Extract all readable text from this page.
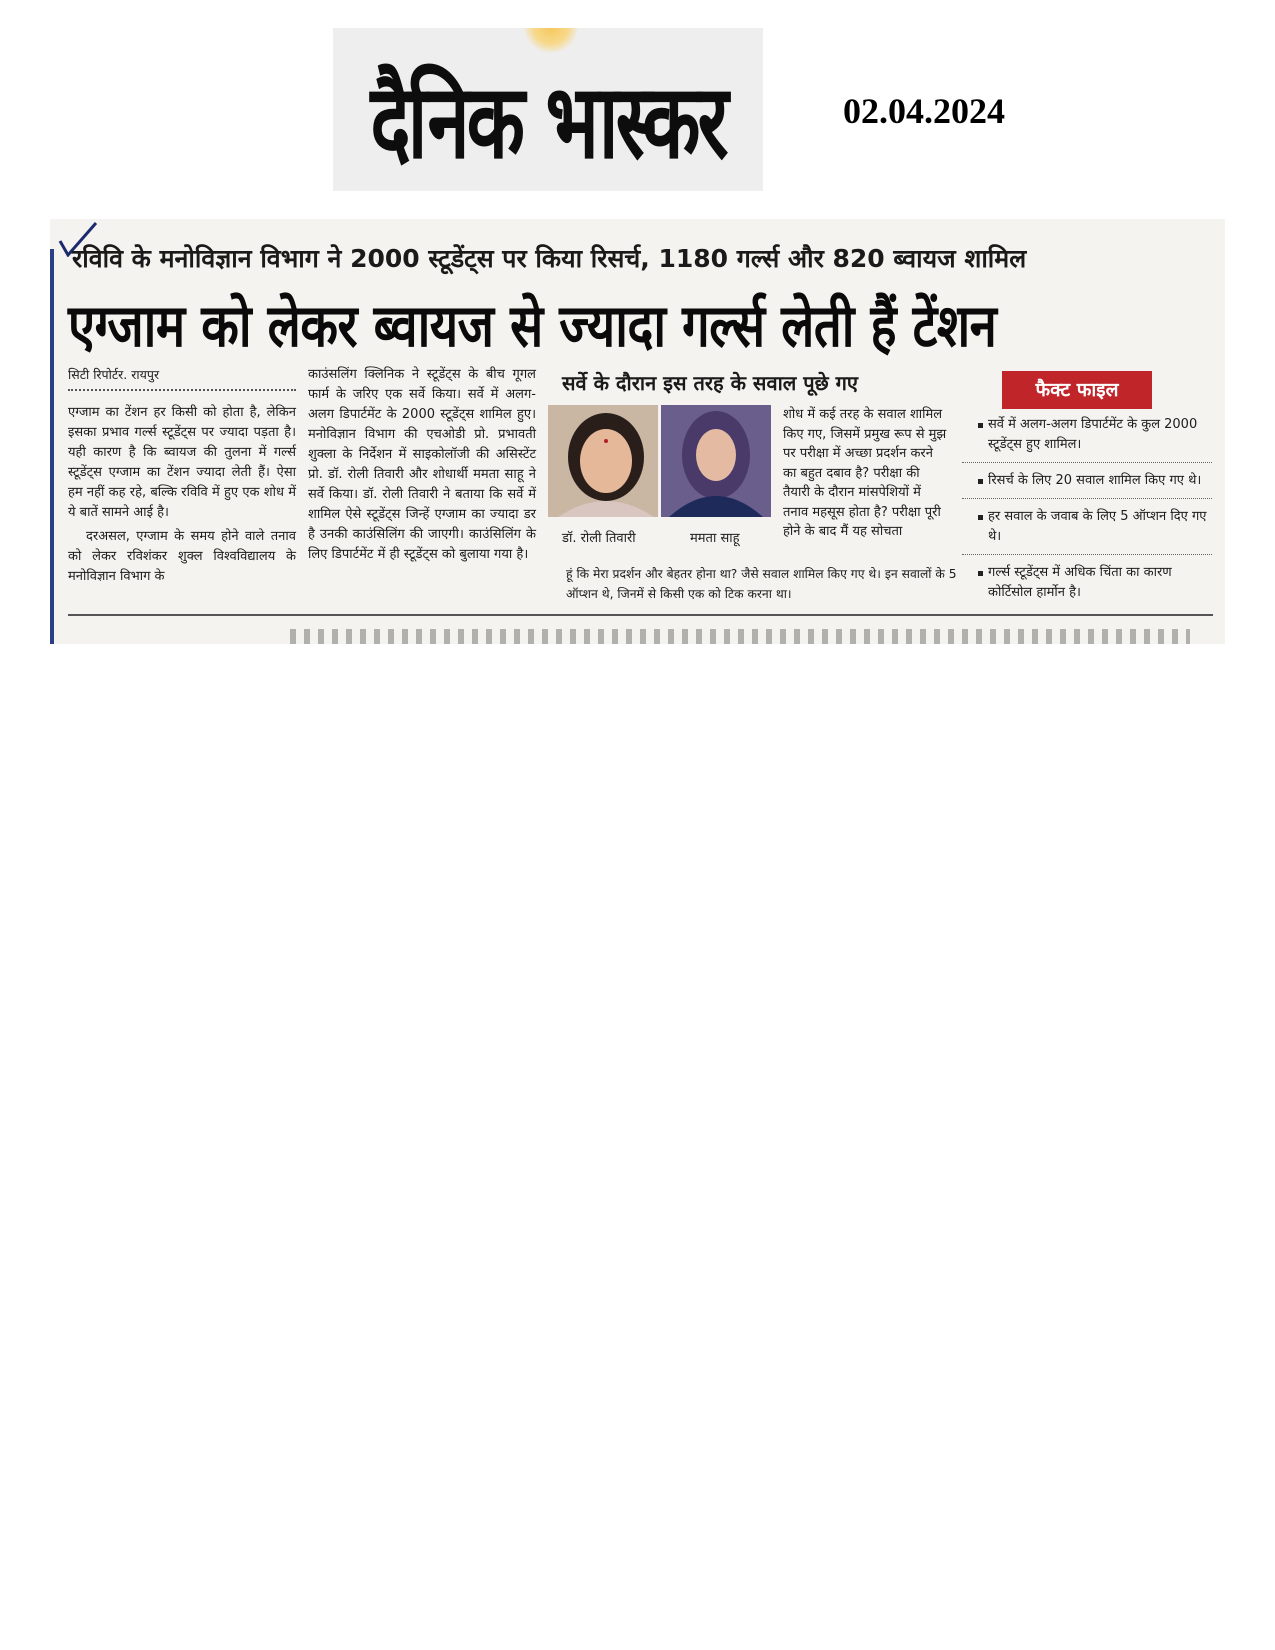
दैनिक भास्कर	02.04.2024
रविवि के मनोविज्ञान विभाग ने 2000 स्टूडेंट्स पर किया रिसर्च, 1180 गर्ल्स और 820 ब्वायज शामिल
एग्जाम को लेकर ब्वायज से ज्यादा गर्ल्स लेती हैं टेंशन
सिटी रिपोर्टर. रायपुर

एग्जाम का टेंशन हर किसी को होता है, लेकिन इसका प्रभाव गर्ल्स स्टूडेंट्स पर ज्यादा पड़ता है। यही कारण है कि ब्वायज की तुलना में गर्ल्स स्टूडेंट्स एग्जाम का टेंशन ज्यादा लेती हैं। ऐसा हम नहीं कह रहे, बल्कि रविवि में हुए एक शोध में ये बातें सामने आई है।

दरअसल, एग्जाम के समय होने वाले तनाव को लेकर रविशंकर शुक्ल विश्वविद्यालय के मनोविज्ञान विभाग के

काउंसलिंग क्लिनिक ने स्टूडेंट्स के बीच गूगल फार्म के जरिए एक सर्वे किया। सर्वे में अलग-अलग डिपार्टमेंट के 2000 स्टूडेंट्स शामिल हुए। मनोविज्ञान विभाग की एचओडी प्रो. प्रभावती शुक्ला के निर्देशन में साइकोलॉजी की असिस्टेंट प्रो. डॉ. रोली तिवारी और शोधार्थी ममता साहू ने सर्वे किया। डॉ. रोली तिवारी ने बताया कि सर्वे में शामिल ऐसे स्टूडेंट्स जिन्हें एग्जाम का ज्यादा डर है उनकी काउंसिलिंग की जाएगी। काउंसिलिंग के लिए डिपार्टमेंट में ही स्टूडेंट्स को बुलाया गया है।

सर्वे के दौरान इस तरह के सवाल पूछे गए
डॉ. रोली तिवारी	ममता साहू
शोध में कई तरह के सवाल शामिल किए गए, जिसमें प्रमुख रूप से मुझ पर परीक्षा में अच्छा प्रदर्शन करने का बहुत दबाव है? परीक्षा की तैयारी के दौरान मांसपेशियों में तनाव महसूस होता है? परीक्षा पूरी होने के बाद मैं यह सोचता
हूं कि मेरा प्रदर्शन और बेहतर होना था? जैसे सवाल शामिल किए गए थे। इन सवालों के 5 ऑप्शन थे, जिनमें से किसी एक को टिक करना था।
फैक्ट फाइल
सर्वे में अलग-अलग डिपार्टमेंट के कुल 2000 स्टूडेंट्स हुए शामिल।
रिसर्च के लिए 20 सवाल शामिल किए गए थे।
हर सवाल के जवाब के लिए 5 ऑप्शन दिए गए थे।
गर्ल्स स्टूडेंट्स में अधिक चिंता का कारण कोर्टिसोल हार्मोन है।
